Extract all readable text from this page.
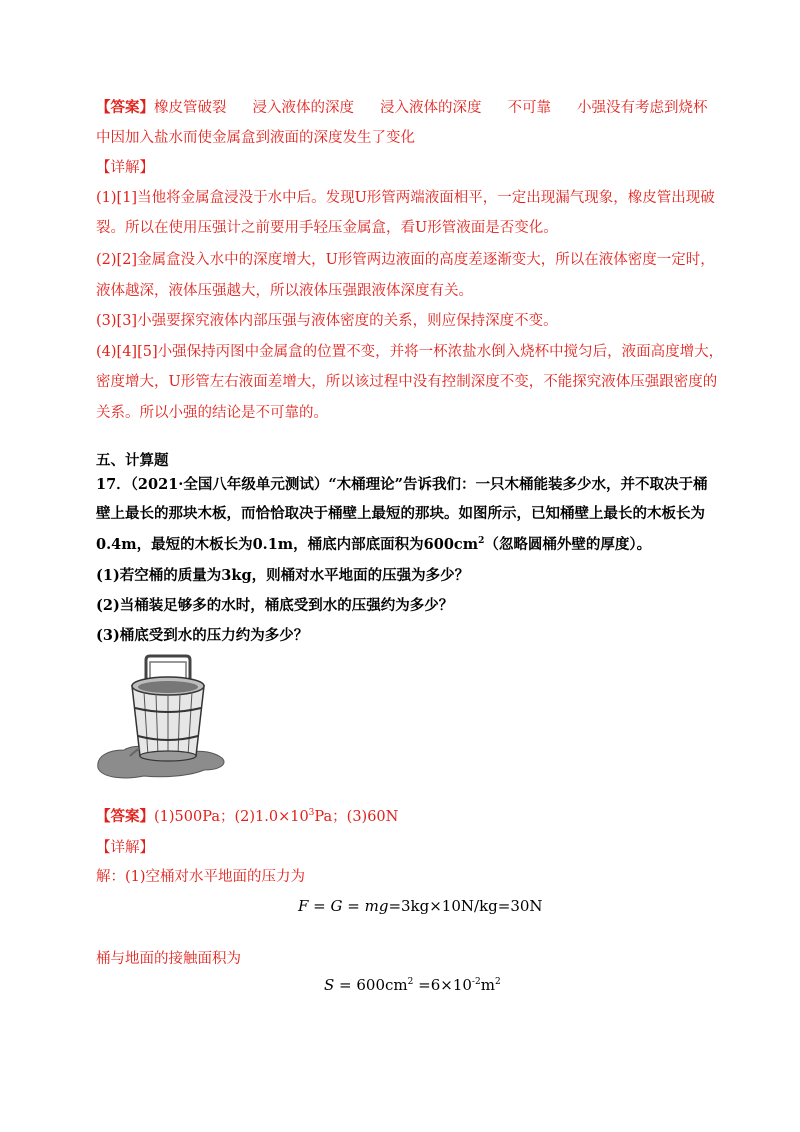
【答案】橡皮管破裂 浸入液体的深度 浸入液体的深度 不可靠 小强没有考虑到烧杯
中因加入盐水而使金属盒到液面的深度发生了变化
【详解】
(1)[1]当他将金属盒浸没于水中后。发现U形管两端液面相平，一定出现漏气现象，橡皮管出现破
裂。所以在使用压强计之前要用手轻压金属盒，看U形管液面是否变化。
(2)[2]金属盒没入水中的深度增大，U形管两边液面的高度差逐渐变大，所以在液体密度一定时，
液体越深，液体压强越大，所以液体压强跟液体深度有关。
(3)[3]小强要探究液体内部压强与液体密度的关系，则应保持深度不变。
(4)[4][5]小强保持丙图中金属盒的位置不变，并将一杯浓盐水倒入烧杯中搅匀后，液面高度增大，
密度增大，U形管左右液面差增大，所以该过程中没有控制深度不变，不能探究液体压强跟密度的
关系。所以小强的结论是不可靠的。
五、计算题
17．（2021·全国八年级单元测试）“木桶理论”告诉我们：一只木桶能装多少水，并不取决于桶
壁上最长的那块木板，而恰恰取决于桶壁上最短的那块。如图所示，已知桶壁上最长的木板长为
0.4m，最短的木板长为0.1m，桶底内部底面积为$600cm^2$（忽略圆桶外壁的厚度）。
(1)若空桶的质量为3kg，则桶对水平地面的压强为多少？
(2)当桶装足够多的水时，桶底受到水的压强约为多少？
(3)桶底受到水的压力约为多少？
【答案】(1)500Pa；$(2)1.0\times 10^3Pa$；(3)60N
【详解】
解：(1)空桶对水平地面的压力为
F = G = mg=3kg×10N/kg=30N
桶与地面的接触面积为
$S = 600cm^2 =6\times 10^{-2}m^2$
